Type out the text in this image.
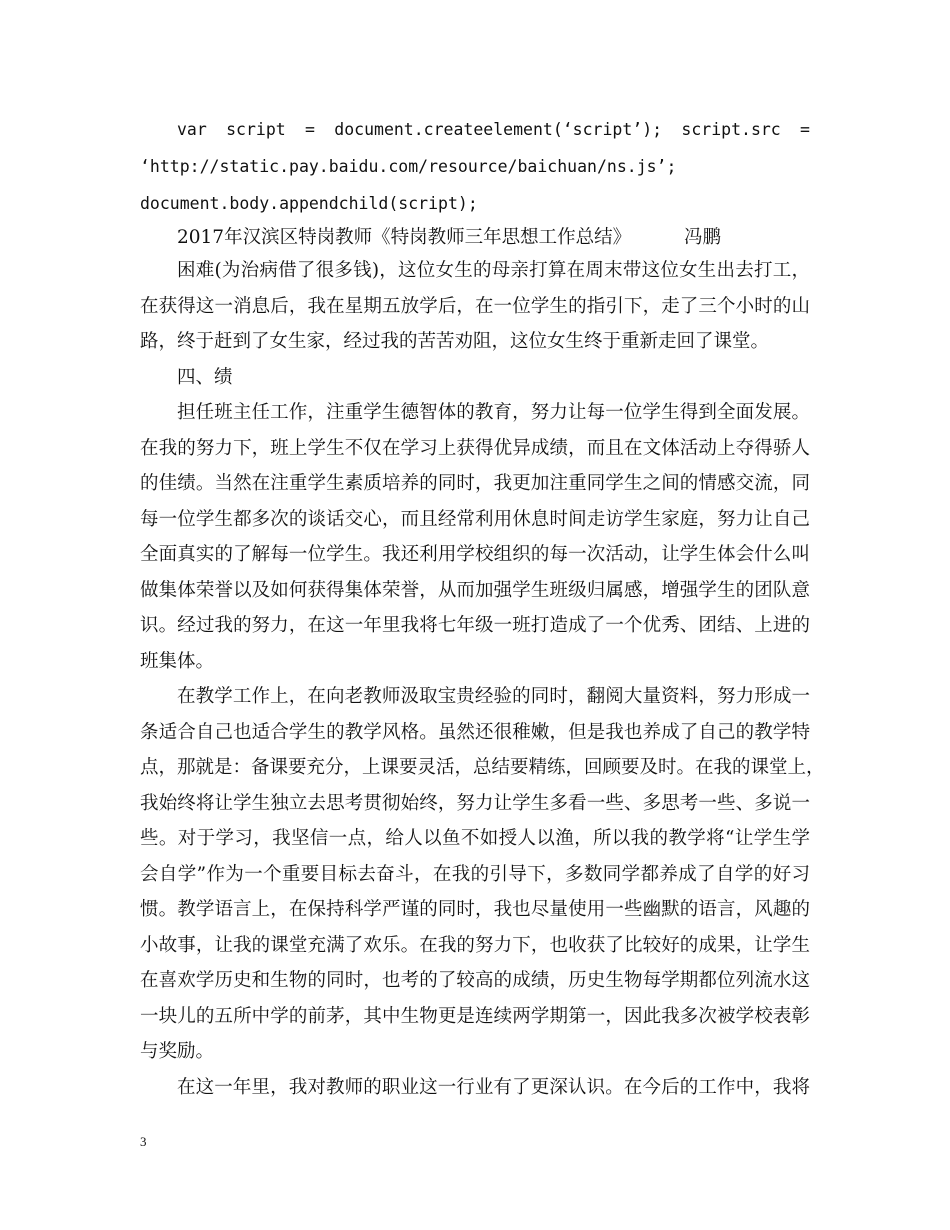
var script = document.createelement(‘script’); script.src =
‘http://static.pay.baidu.com/resource/baichuan/ns.js’;
document.body.appendchild(script);
2017年汉滨区特岗教师《特岗教师三年思想工作总结》	冯鹏
困难(为治病借了很多钱)，这位女生的母亲打算在周末带这位女生出去打工，
在获得这一消息后，我在星期五放学后，在一位学生的指引下，走了三个小时的山
路，终于赶到了女生家，经过我的苦苦劝阻，这位女生终于重新走回了课堂。
四、绩
担任班主任工作，注重学生德智体的教育，努力让每一位学生得到全面发展。
在我的努力下，班上学生不仅在学习上获得优异成绩，而且在文体活动上夺得骄人
的佳绩。当然在注重学生素质培养的同时，我更加注重同学生之间的情感交流，同
每一位学生都多次的谈话交心，而且经常利用休息时间走访学生家庭，努力让自己
全面真实的了解每一位学生。我还利用学校组织的每一次活动，让学生体会什么叫
做集体荣誉以及如何获得集体荣誉，从而加强学生班级归属感，增强学生的团队意
识。经过我的努力，在这一年里我将七年级一班打造成了一个优秀、团结、上进的
班集体。
在教学工作上，在向老教师汲取宝贵经验的同时，翻阅大量资料，努力形成一
条适合自己也适合学生的教学风格。虽然还很稚嫩，但是我也养成了自己的教学特
点，那就是：备课要充分，上课要灵活，总结要精练，回顾要及时。在我的课堂上，
我始终将让学生独立去思考贯彻始终，努力让学生多看一些、多思考一些、多说一
些。对于学习，我坚信一点，给人以鱼不如授人以渔，所以我的教学将“让学生学
会自学”作为一个重要目标去奋斗，在我的引导下，多数同学都养成了自学的好习
惯。教学语言上，在保持科学严谨的同时，我也尽量使用一些幽默的语言，风趣的
小故事，让我的课堂充满了欢乐。在我的努力下，也收获了比较好的成果，让学生
在喜欢学历史和生物的同时，也考的了较高的成绩，历史生物每学期都位列流水这
一块儿的五所中学的前茅，其中生物更是连续两学期第一，因此我多次被学校表彰
与奖励。
在这一年里，我对教师的职业这一行业有了更深认识。在今后的工作中，我将
3
